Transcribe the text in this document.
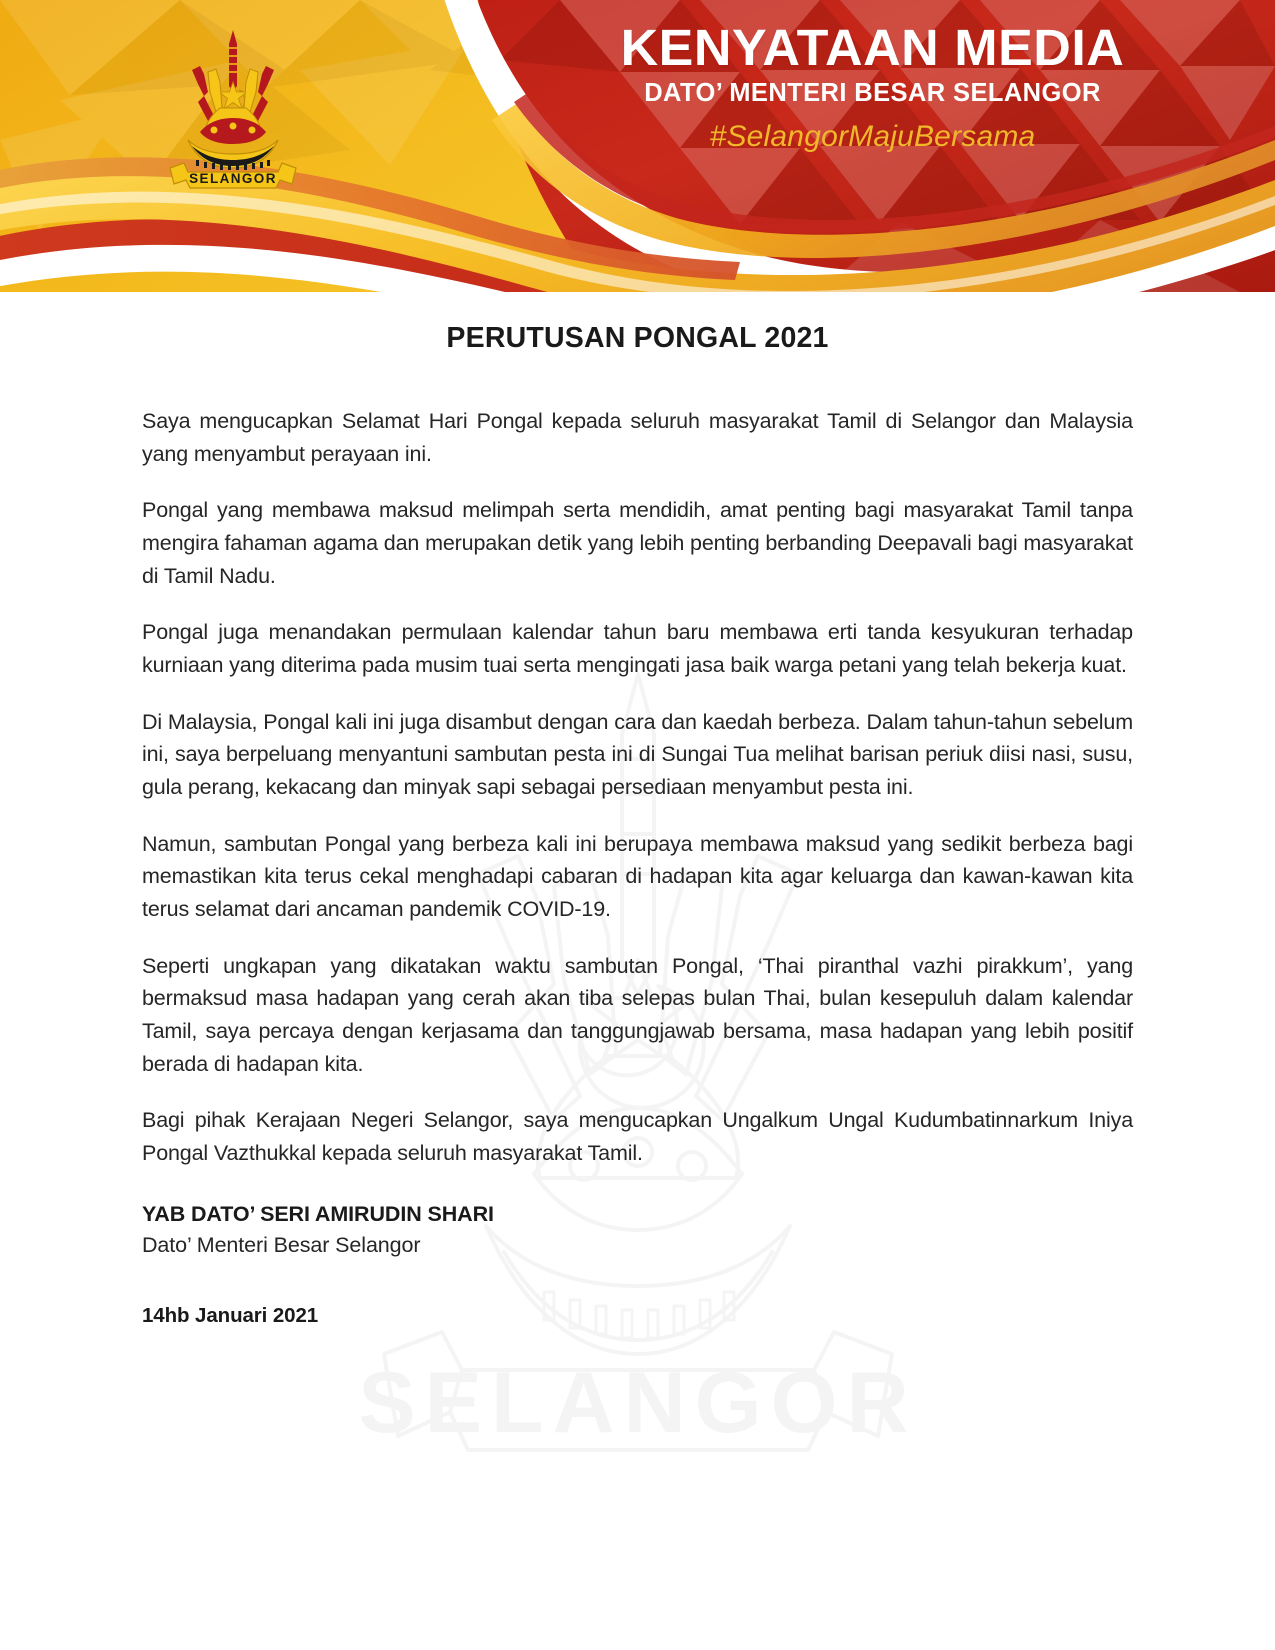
SELANGOR
KENYATAAN MEDIA
DATO’ MENTERI BESAR SELANGOR
#SelangorMajuBersama
SELANGOR
PERUTUSAN PONGAL 2021

Saya mengucapkan Selamat Hari Pongal kepada seluruh masyarakat Tamil di Selangor dan Malaysia yang menyambut perayaan ini.

Pongal yang membawa maksud melimpah serta mendidih, amat penting bagi masyarakat Tamil tanpa mengira fahaman agama dan merupakan detik yang lebih penting berbanding Deepavali bagi masyarakat di Tamil Nadu.

Pongal juga menandakan permulaan kalendar tahun baru membawa erti tanda kesyukuran terhadap kurniaan yang diterima pada musim tuai serta mengingati jasa baik warga petani yang telah bekerja kuat.

Di Malaysia, Pongal kali ini juga disambut dengan cara dan kaedah berbeza. Dalam tahun-tahun sebelum ini, saya berpeluang menyantuni sambutan pesta ini di Sungai Tua melihat barisan periuk diisi nasi, susu, gula perang, kekacang dan minyak sapi sebagai persediaan menyambut pesta ini.

Namun, sambutan Pongal yang berbeza kali ini berupaya membawa maksud yang sedikit berbeza bagi memastikan kita terus cekal menghadapi cabaran di hadapan kita agar keluarga dan kawan-kawan kita terus selamat dari ancaman pandemik COVID-19.

Seperti ungkapan yang dikatakan waktu sambutan Pongal, ‘Thai piranthal vazhi pirakkum’, yang bermaksud masa hadapan yang cerah akan tiba selepas bulan Thai, bulan kesepuluh dalam kalendar Tamil, saya percaya dengan kerjasama dan tanggungjawab bersama, masa hadapan yang lebih positif berada di hadapan kita.

Bagi pihak Kerajaan Negeri Selangor, saya mengucapkan Ungalkum Ungal Kudumbatinnarkum Iniya Pongal Vazthukkal kepada seluruh masyarakat Tamil.

YAB DATO’ SERI AMIRUDIN SHARI

Dato’ Menteri Besar Selangor

14hb Januari 2021
